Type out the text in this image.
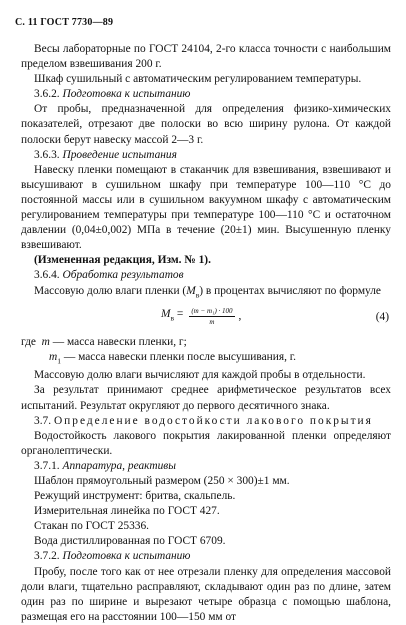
С. 11 ГОСТ 7730—89

Весы лабораторные по ГОСТ 24104, 2-го класса точности с наибольшим пределом взвешивания 200 г.

Шкаф сушильный с автоматическим регулированием температуры.

3.6.2. Подготовка к испытанию

От пробы, предназначенной для определения физико-химических показателей, отрезают две полоски во всю ширину рулона. От каждой полоски берут навеску массой 2—3 г.

3.6.3. Проведение испытания

Навеску пленки помещают в стаканчик для взвешивания, взвешивают и высушивают в сушильном шкафу при температуре 100—110 °С до постоянной массы или в сушильном вакуумном шкафу с автоматическим регулированием температуры при температуре 100—110 °С и остаточном давлении (0,04±0,002) МПа в течение (20±1) мин. Высушенную пленку взвешивают.

(Измененная редакция, Изм. № 1).

3.6.4. Обработка результатов

Массовую долю влаги пленки $(M_в)$ в процентах вычисляют по формуле

$M_в = \frac{\text{(m − m₁) · 100}}{m}$ ,	(4)

где m — масса навески пленки, г;

$m_1$ — масса навески пленки после высушивания, г.

Массовую долю влаги вычисляют для каждой пробы в отдельности.

За результат принимают среднее арифметическое результатов всех испытаний. Результат округляют до первого десятичного знака.

3.7. Определение водостойкости лакового покрытия

Водостойкость лакового покрытия лакированной пленки определяют органолептически.

3.7.1. Аппаратура, реактивы

Шаблон прямоугольный размером (250 × 300)±1 мм.

Режущий инструмент: бритва, скальпель.

Измерительная линейка по ГОСТ 427.

Стакан по ГОСТ 25336.

Вода дистиллированная по ГОСТ 6709.

3.7.2. Подготовка к испытанию

Пробу, после того как от нее отрезали пленку для определения массовой доли влаги, тщательно расправляют, складывают один раз по длине, затем один раз по ширине и вырезают четыре образца с помощью шаблона, размещая его на расстоянии 100—150 мм от
